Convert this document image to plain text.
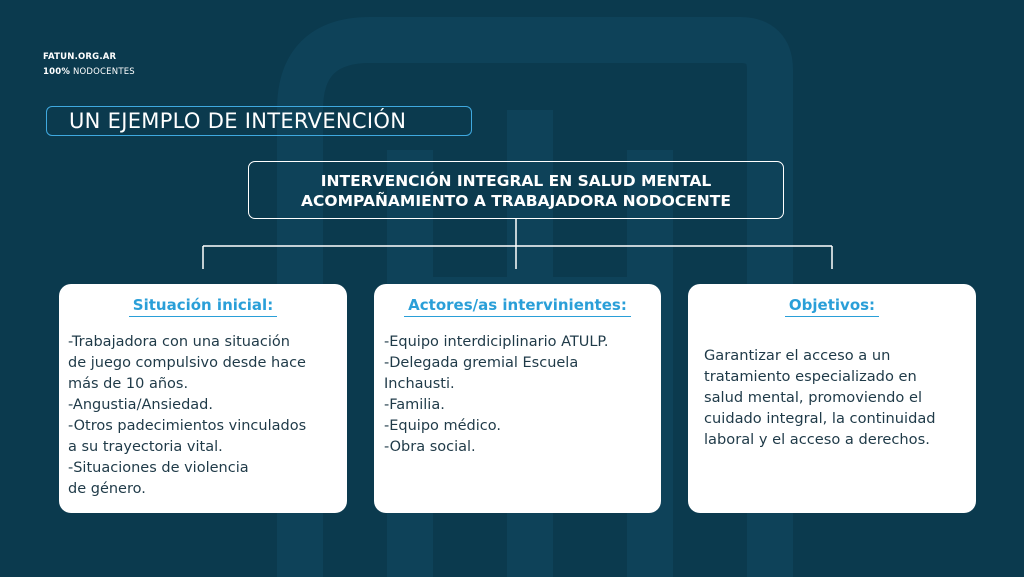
FATUN.ORG.AR
100% NODOCENTES
UN EJEMPLO DE INTERVENCIÓN
INTERVENCIÓN INTEGRAL EN SALUD MENTAL
ACOMPAÑAMIENTO A TRABAJADORA NODOCENTE
Situación inicial:
-Trabajadora con una situación
de juego compulsivo desde hace
más de 10 años.
-Angustia/Ansiedad.
-Otros padecimientos vinculados
a su trayectoria vital.
-Situaciones de violencia
de género.
Actores/as intervinientes:
-Equipo interdiciplinario ATULP.
-Delegada gremial Escuela
Inchausti.
-Familia.
-Equipo médico.
-Obra social.
Objetivos:
Garantizar el acceso a un
tratamiento especializado en
salud mental, promoviendo el
cuidado integral, la continuidad
laboral y el acceso a derechos.
